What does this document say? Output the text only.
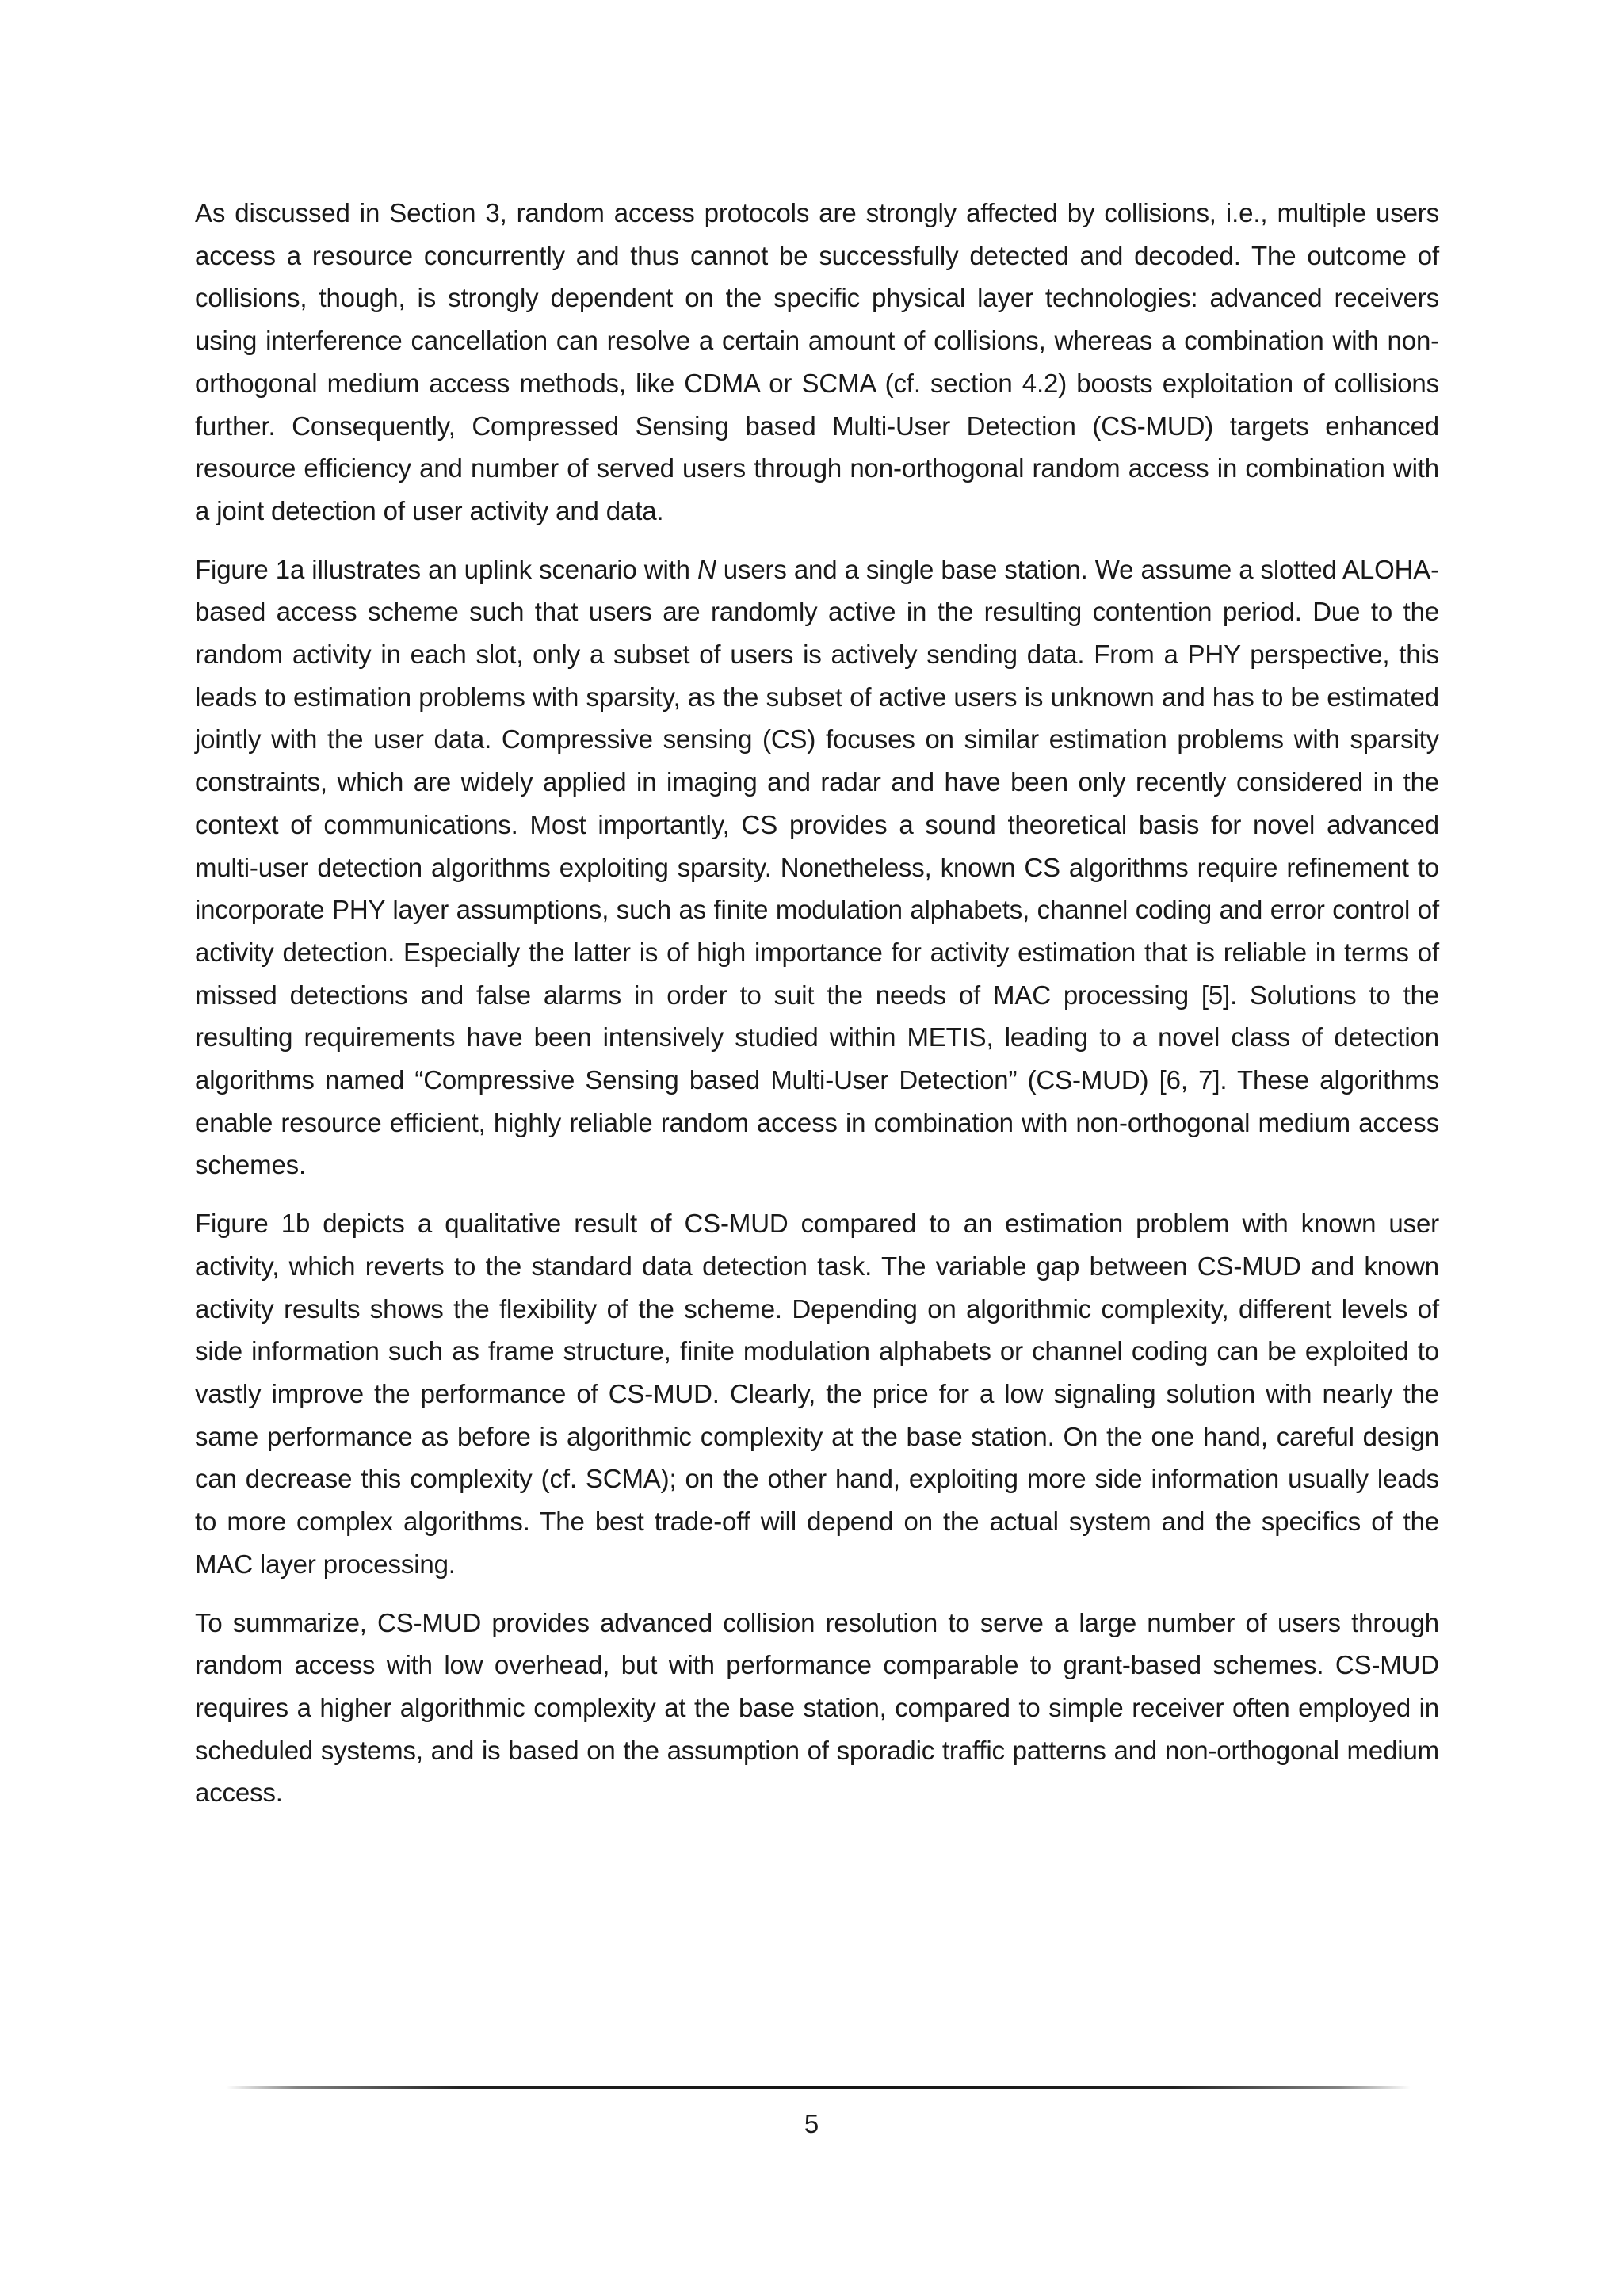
As discussed in Section 3, random access protocols are strongly affected by collisions, i.e., multiple users access a resource concurrently and thus cannot be successfully detected and decoded. The outcome of collisions, though, is strongly dependent on the specific physical layer technologies: advanced receivers using interference cancellation can resolve a certain amount of collisions, whereas a combination with non-orthogonal medium access methods, like CDMA or SCMA (cf. section 4.2) boosts exploitation of collisions further. Consequently, Compressed Sensing based Multi-User Detection (CS-MUD) targets enhanced resource efficiency and number of served users through non-orthogonal random access in combination with a joint detection of user activity and data.

Figure 1a illustrates an uplink scenario with N users and a single base station. We assume a slotted ALOHA-based access scheme such that users are randomly active in the resulting contention period. Due to the random activity in each slot, only a subset of users is actively sending data. From a PHY perspective, this leads to estimation problems with sparsity, as the subset of active users is unknown and has to be estimated jointly with the user data. Compressive sensing (CS) focuses on similar estimation problems with sparsity constraints, which are widely applied in imaging and radar and have been only recently considered in the context of communications. Most importantly, CS provides a sound theoretical basis for novel advanced multi-user detection algorithms exploiting sparsity. Nonetheless, known CS algorithms require refinement to incorporate PHY layer assumptions, such as finite modulation alphabets, channel coding and error control of activity detection. Especially the latter is of high importance for activity estimation that is reliable in terms of missed detections and false alarms in order to suit the needs of MAC processing [5]. Solutions to the resulting requirements have been intensively studied within METIS, leading to a novel class of detection algorithms named “Compressive Sensing based Multi-User Detection” (CS-MUD) [6, 7]. These algorithms enable resource efficient, highly reliable random access in combination with non-orthogonal medium access schemes.

Figure 1b depicts a qualitative result of CS-MUD compared to an estimation problem with known user activity, which reverts to the standard data detection task. The variable gap between CS-MUD and known activity results shows the flexibility of the scheme. Depending on algorithmic complexity, different levels of side information such as frame structure, finite modulation alphabets or channel coding can be exploited to vastly improve the performance of CS-MUD. Clearly, the price for a low signaling solution with nearly the same performance as before is algorithmic complexity at the base station. On the one hand, careful design can decrease this complexity (cf. SCMA); on the other hand, exploiting more side information usually leads to more complex algorithms. The best trade-off will depend on the actual system and the specifics of the MAC layer processing.

To summarize, CS-MUD provides advanced collision resolution to serve a large number of users through random access with low overhead, but with performance comparable to grant-based schemes. CS-MUD requires a higher algorithmic complexity at the base station, compared to simple receiver often employed in scheduled systems, and is based on the assumption of sporadic traffic patterns and non-orthogonal medium access.

5
